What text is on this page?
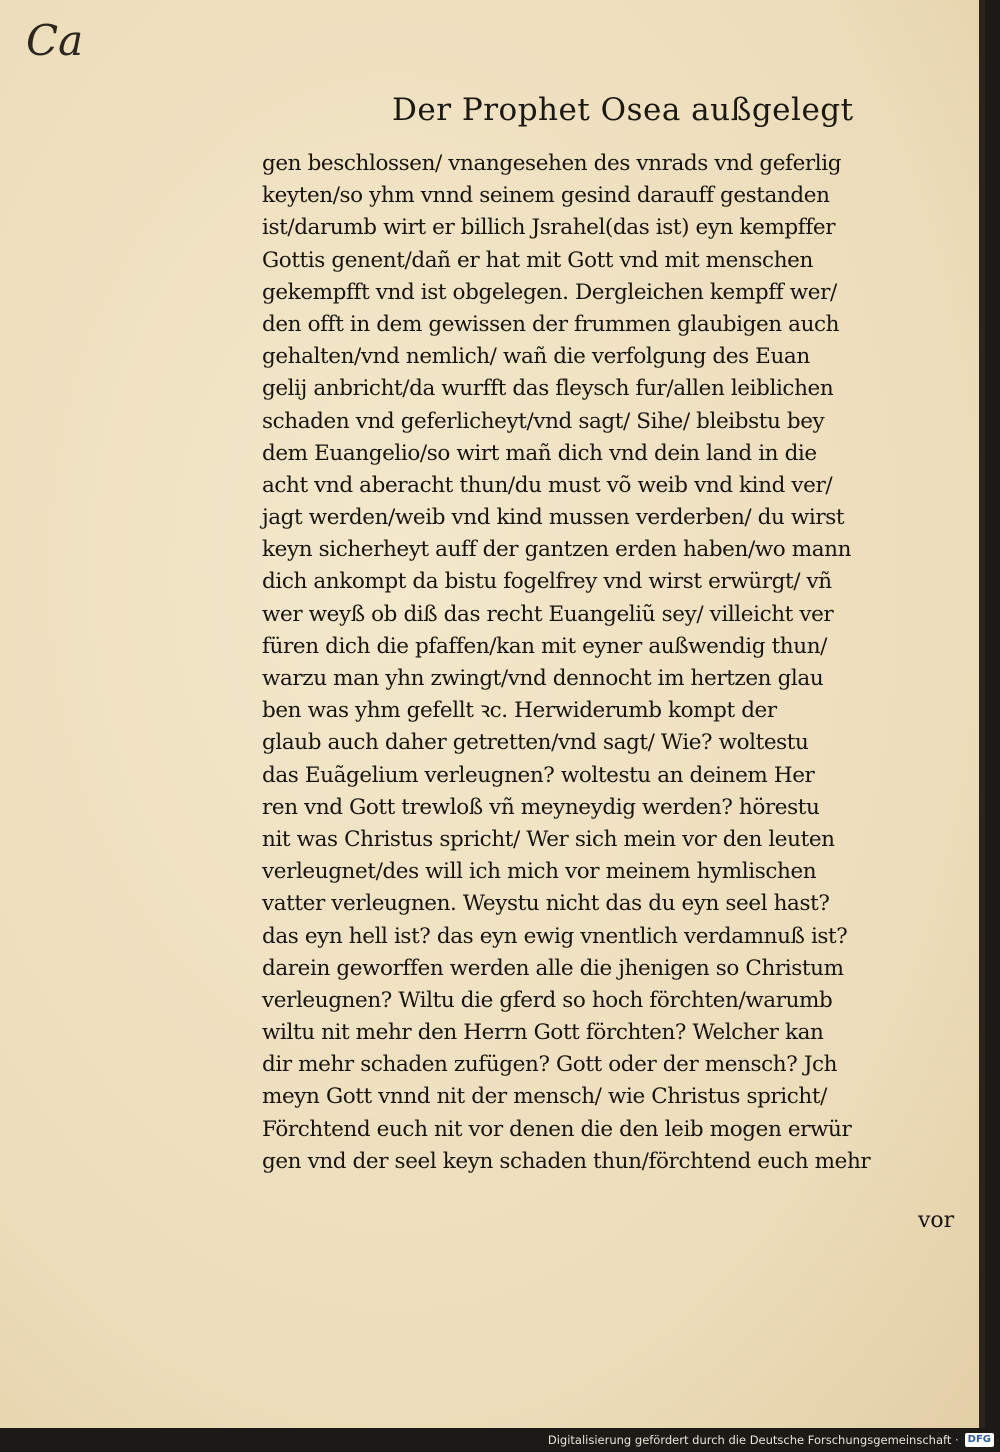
Ca
Der Prophet Osea außgelegt
gen beschlossen/ vnangesehen des vnrads vnd geferlig
keyten/so yhm vnnd seinem gesind darauff gestanden
ist/darumb wirt er billich Jsrahel(das ist) eyn kempffer
Gottis genent/dañ er hat mit Gott vnd mit menschen
gekempfft vnd ist obgelegen. Dergleichen kempff wer/
den offt in dem gewissen der frummen glaubigen auch
gehalten/vnd nemlich/ wañ die verfolgung des Euan
gelij anbricht/da wurfft das fleysch fur/allen leiblichen
schaden vnd geferlicheyt/vnd sagt/ Sihe/ bleibstu bey
dem Euangelio/so wirt mañ dich vnd dein land in die
acht vnd aberacht thun/du must võ weib vnd kind ver/
jagt werden/weib vnd kind mussen verderben/ du wirst
keyn sicherheyt auff der gantzen erden haben/wo mann
dich ankompt da bistu fogelfrey vnd wirst erwürgt/ vñ
wer weyß ob diß das recht Euangeliũ sey/ villeicht ver
füren dich die pfaffen/kan mit eyner außwendig thun/
warzu man yhn zwingt/vnd dennocht im hertzen glau
ben was yhm gefellt ꝛc. Herwiderumb kompt der
glaub auch daher getretten/vnd sagt/ Wie? woltestu
das Euãgelium verleugnen? woltestu an deinem Her
ren vnd Gott trewloß vñ meyneydig werden? hörestu
nit was Christus spricht/ Wer sich mein vor den leuten
verleugnet/des will ich mich vor meinem hymlischen
vatter verleugnen. Weystu nicht das du eyn seel hast?
das eyn hell ist? das eyn ewig vnentlich verdamnuß ist?
darein geworffen werden alle die jhenigen so Christum
verleugnen? Wiltu die gferd so hoch förchten/warumb
wiltu nit mehr den Herrn Gott förchten? Welcher kan
dir mehr schaden zufügen? Gott oder der mensch? Jch
meyn Gott vnnd nit der mensch/ wie Christus spricht/
Förchtend euch nit vor denen die den leib mogen erwür
gen vnd der seel keyn schaden thun/förchtend euch mehr
vor
Digitalisierung gefördert durch die Deutsche Forschungsgemeinschaft · DFG
